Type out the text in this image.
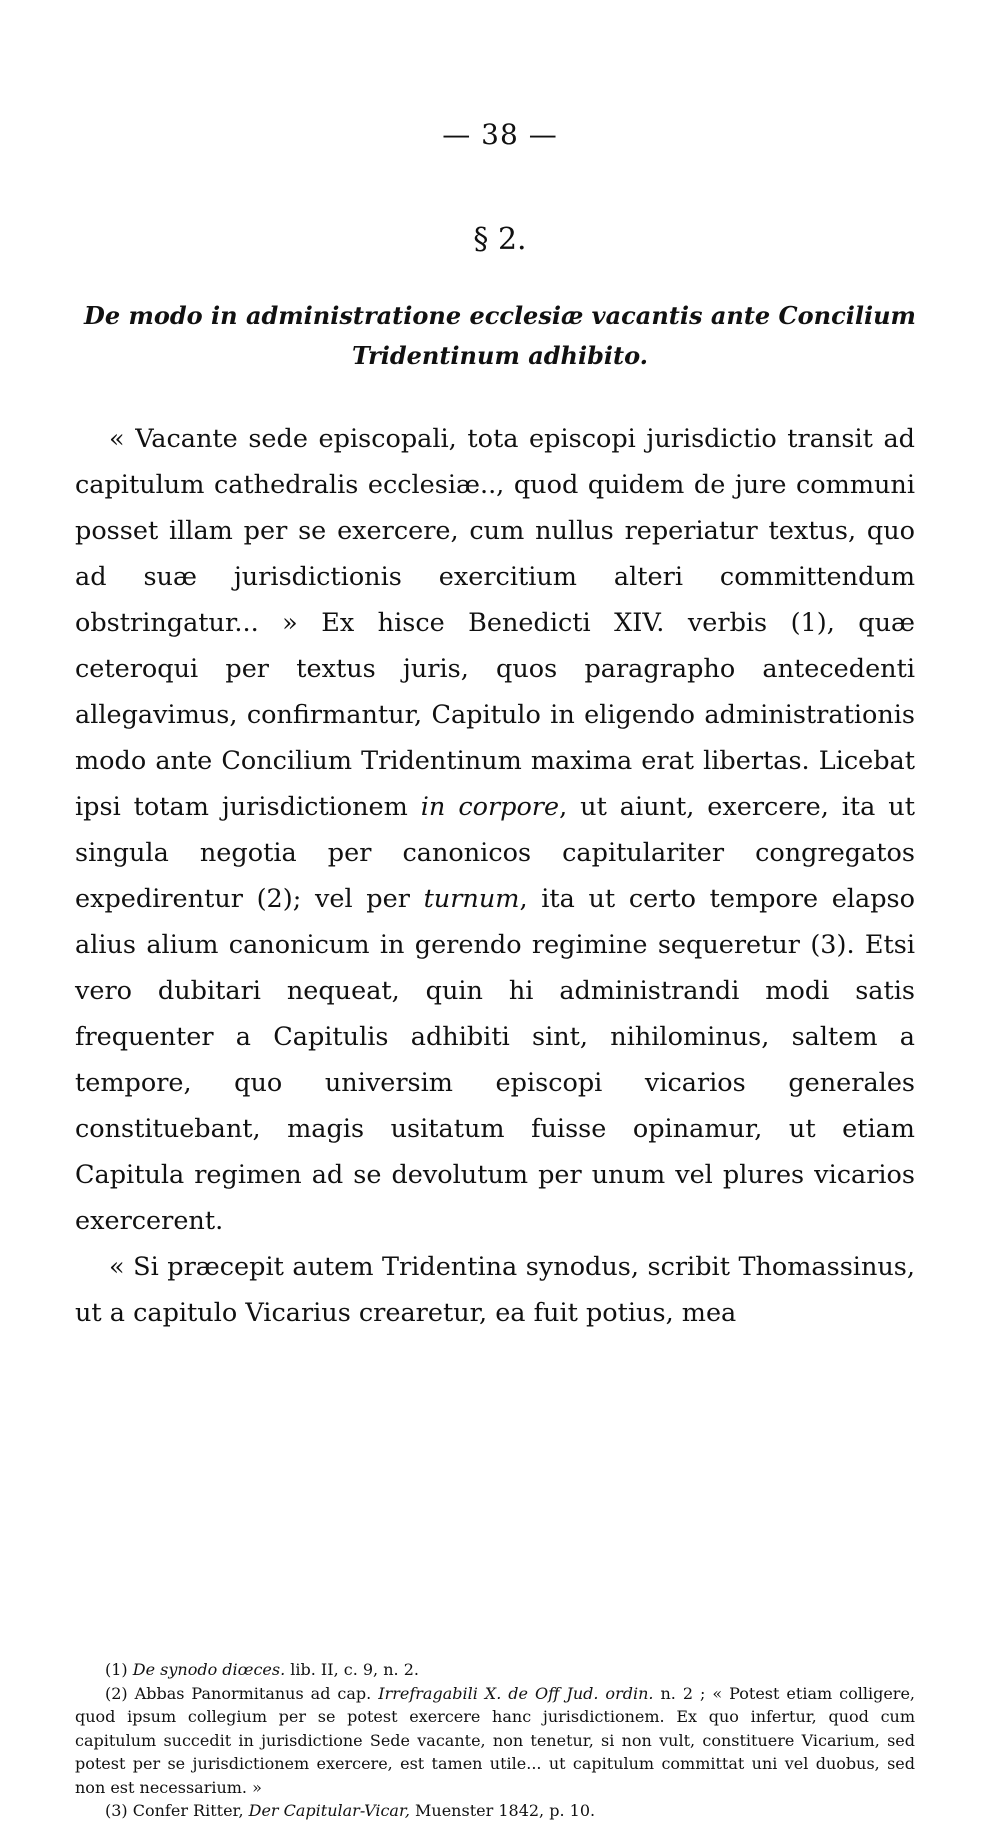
— 38 —
§ 2.
De modo in administratione ecclesiæ vacantis ante Concilium
Tridentinum adhibito.

« Vacante sede episcopali, tota episcopi jurisdictio transit ad capitulum cathedralis ecclesiæ.., quod quidem de jure communi posset illam per se exercere, cum nullus reperiatur textus, quo ad suæ jurisdictionis exercitium alteri committendum obstringatur... » Ex hisce Benedicti XIV. verbis (1), quæ ceteroqui per textus juris, quos paragrapho antecedenti allegavimus, confirmantur, Capitulo in eligendo administrationis modo ante Concilium Tridentinum maxima erat libertas. Licebat ipsi totam jurisdictionem in corpore, ut aiunt, exercere, ita ut singula negotia per canonicos capitulariter congregatos expedirentur (2); vel per turnum, ita ut certo tempore elapso alius alium canonicum in gerendo regimine sequeretur (3). Etsi vero dubitari nequeat, quin hi administrandi modi satis frequenter a Capitulis adhibiti sint, nihilominus, saltem a tempore, quo universim episcopi vicarios generales constituebant, magis usitatum fuisse opinamur, ut etiam Capitula regimen ad se devolutum per unum vel plures vicarios exercerent.

« Si præcepit autem Tridentina synodus, scribit Thomassinus, ut a capitulo Vicarius crearetur, ea fuit potius, mea

(1) De synodo diœces. lib. II, c. 9, n. 2.

(2) Abbas Panormitanus ad cap. Irrefragabili X. de Off Jud. ordin. n. 2 ; « Potest etiam colligere, quod ipsum collegium per se potest exercere hanc jurisdictionem. Ex quo infertur, quod cum capitulum succedit in jurisdictione Sede vacante, non tenetur, si non vult, constituere Vicarium, sed potest per se jurisdictionem exercere, est tamen utile... ut capitulum committat uni vel duobus, sed non est necessarium. »

(3) Confer Ritter, Der Capitular-Vicar, Muenster 1842, p. 10.
